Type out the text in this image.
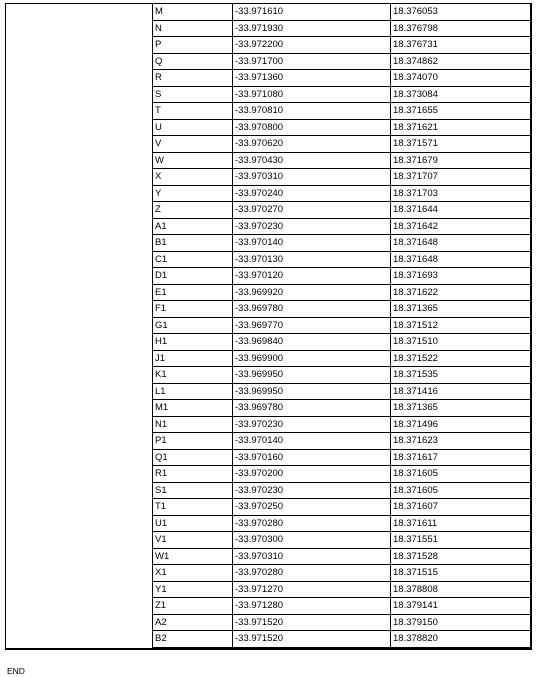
M	-33.971610	18.376053
N	-33.971930	18.376798
P	-33.972200	18.376731
Q	-33.971700	18.374862
R	-33.971360	18.374070
S	-33.971080	18.373084
T	-33.970810	18.371655
U	-33.970800	18.371621
V	-33.970620	18.371571
W	-33.970430	18.371679
X	-33.970310	18.371707
Y	-33.970240	18.371703
Z	-33.970270	18.371644
A1	-33.970230	18.371642
B1	-33.970140	18.371648
C1	-33.970130	18.371648
D1	-33.970120	18.371693
E1	-33.969920	18.371622
F1	-33.969780	18.371365
G1	-33.969770	18.371512
H1	-33.969840	18.371510
J1	-33.969900	18.371522
K1	-33.969950	18.371535
L1	-33.969950	18.371416
M1	-33.969780	18.371365
N1	-33.970230	18.371496
P1	-33.970140	18.371623
Q1	-33.970160	18.371617
R1	-33.970200	18.371605
S1	-33.970230	18.371605
T1	-33.970250	18.371607
U1	-33.970280	18.371611
V1	-33.970300	18.371551
W1	-33.970310	18.371528
X1	-33.970280	18.371515
Y1	-33.971270	18.378808
Z1	-33.971280	18.379141
A2	-33.971520	18.379150
B2	-33.971520	18.378820
END
